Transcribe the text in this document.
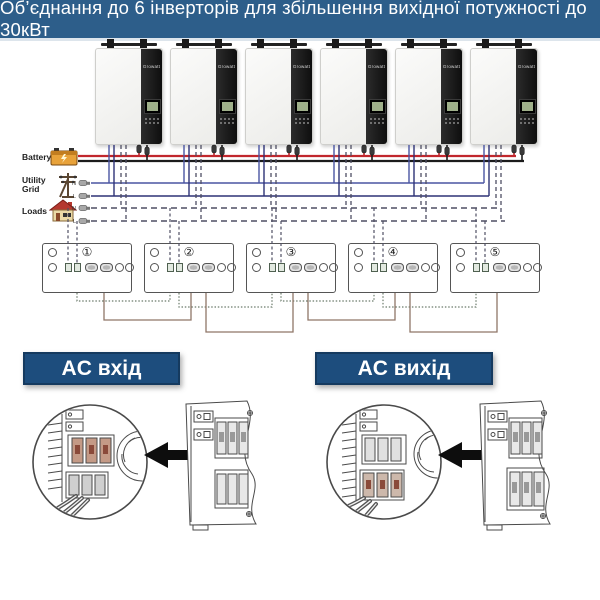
Об’єднання до 6 інверторів для збільшення вихідної потужності до 30кВт
Growatt	Growatt	Growatt	Growatt	Growatt	Growatt
Battery
Utility Grid
Loads
①	②	③	④	⑤
N
L
N
L
AC вхід	AC вихід
